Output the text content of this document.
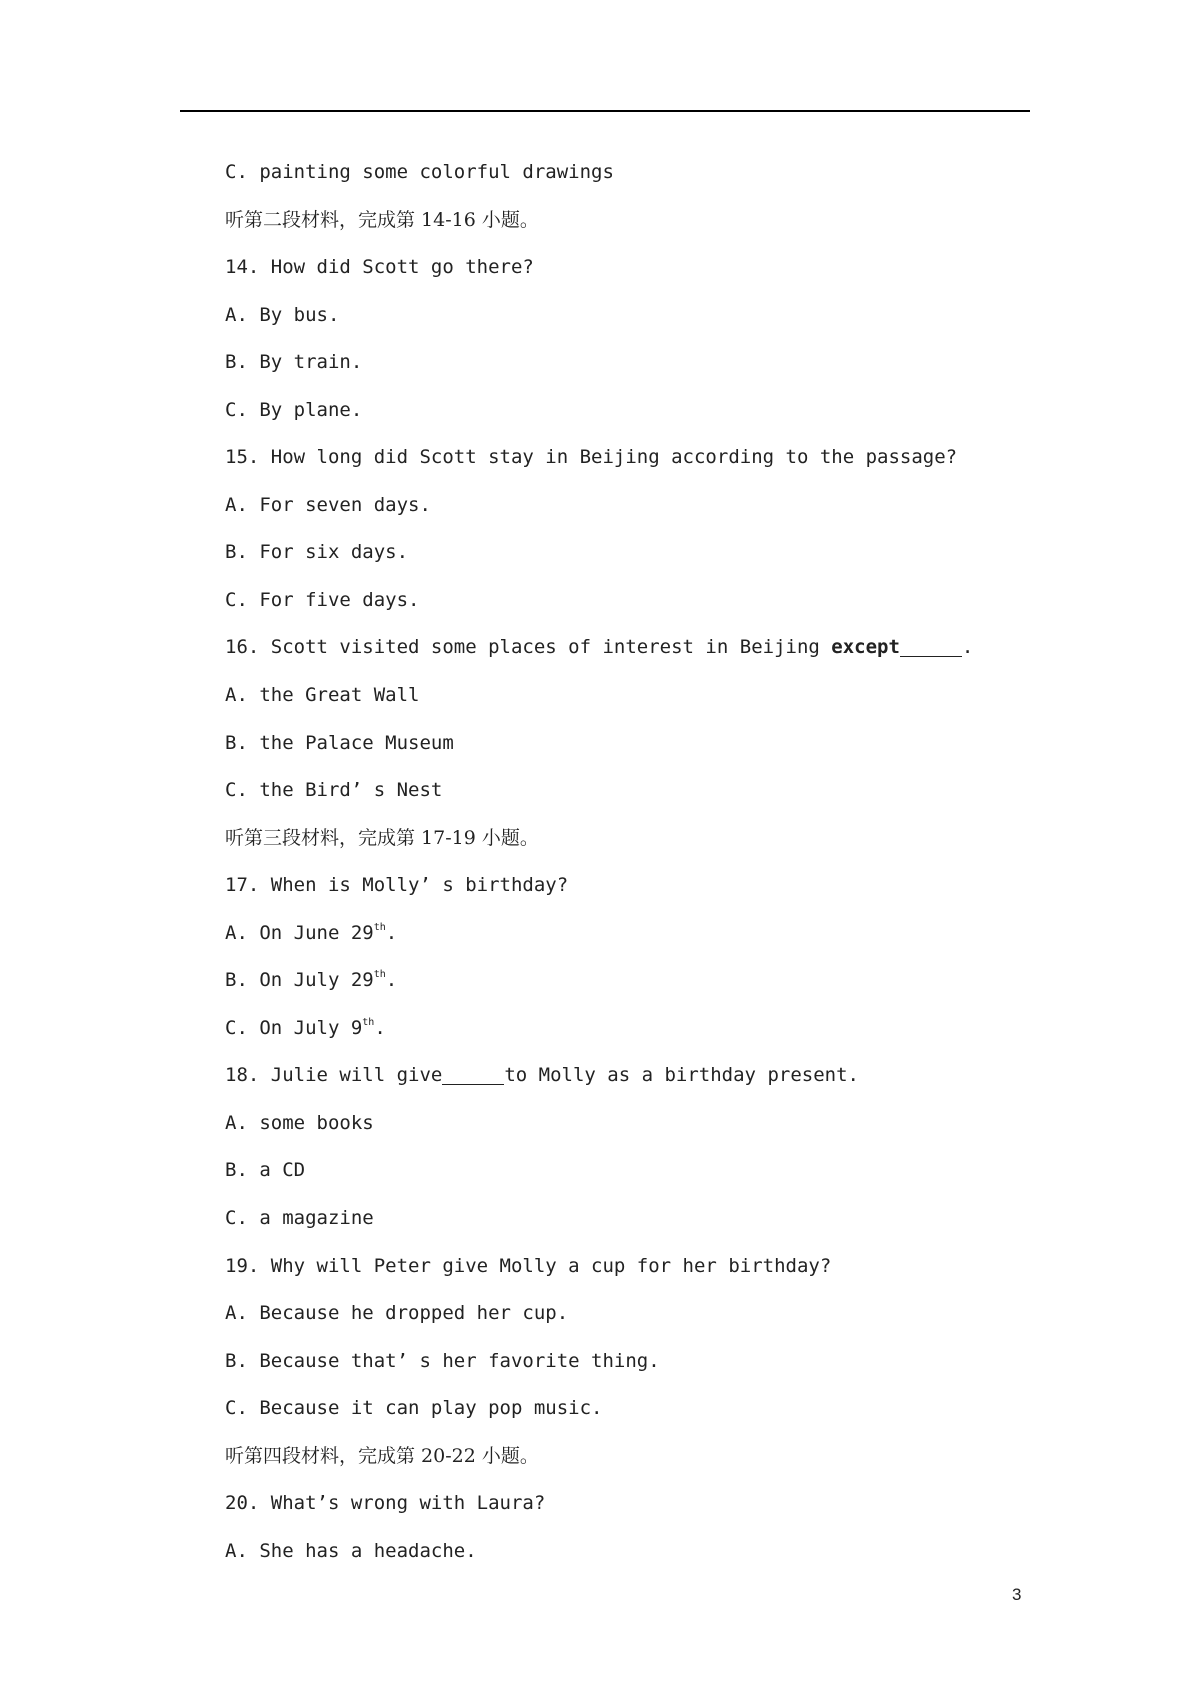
C. painting some colorful drawings
听第二段材料，完成第 14-16 小题。
14. How did Scott go there?
A. By bus.
B. By train.
C. By plane.
15. How long did Scott stay in Beijing according to the passage?
A. For seven days.
B. For six days.
C. For five days.
16. Scott visited some places of interest in Beijing except	.
A. the Great Wall
B. the Palace Museum
C. the Bird’ s Nest
听第三段材料，完成第 17-19 小题。
17. When is Molly’ s birthday?
A. On June 29th.
B. On July 29th.
C. On July 9th.
18. Julie will give	to Molly as a birthday present.
A. some books
B. a CD
C. a magazine
19. Why will Peter give Molly a cup for her birthday?
A. Because he dropped her cup.
B. Because that’ s her favorite thing.
C. Because it can play pop music.
听第四段材料，完成第 20-22 小题。
20. What’s wrong with Laura?
A. She has a headache.
3
